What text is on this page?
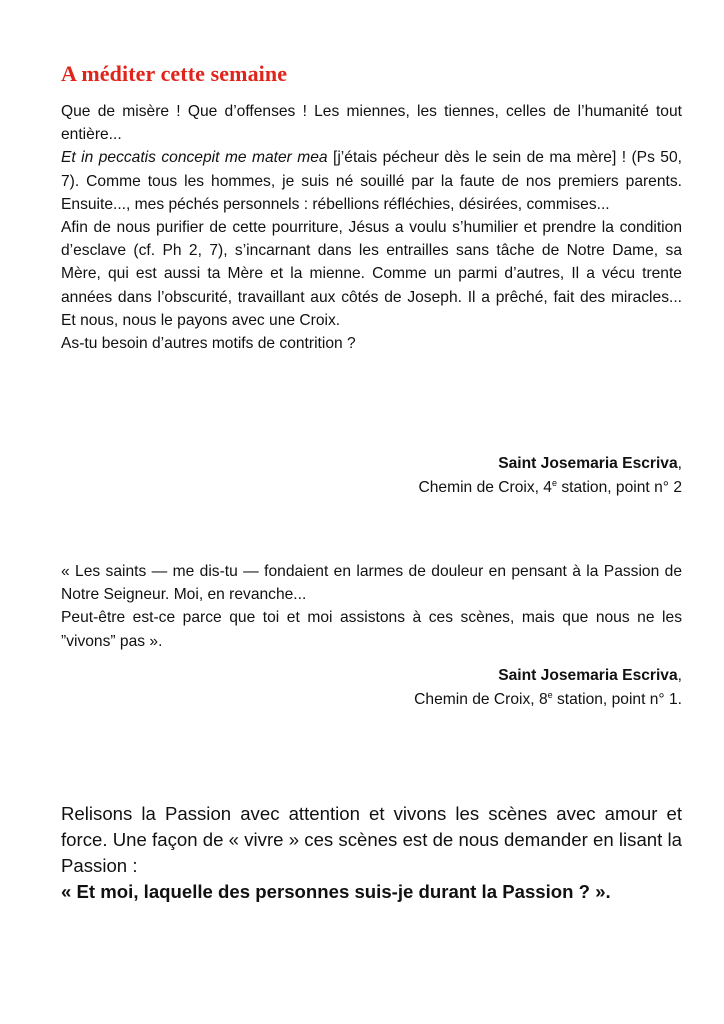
A méditer cette semaine

Que de misère ! Que d’offenses ! Les miennes, les tiennes, celles de l’humanité tout entière...

Et in peccatis concepit me mater mea [j’étais pécheur dès le sein de ma mère] ! (Ps 50, 7). Comme tous les hommes, je suis né souillé par la faute de nos premiers parents. Ensuite..., mes péchés personnels : rébellions réfléchies, désirées, commises...

Afin de nous purifier de cette pourriture, Jésus a voulu s’humilier et prendre la condition d’esclave (cf. Ph 2, 7), s’incarnant dans les entrailles sans tâche de Notre Dame, sa Mère, qui est aussi ta Mère et la mienne. Comme un parmi d’autres, Il a vécu trente années dans l’obscurité, travaillant aux côtés de Joseph. Il a prêché, fait des miracles... Et nous, nous le payons avec une Croix.

As-tu besoin d’autres motifs de contrition ?

Saint Josemaria Escriva,
Chemin de Croix, 4e station, point n° 2

« Les saints — me dis-tu — fondaient en larmes de douleur en pensant à la Passion de Notre Seigneur. Moi, en revanche...

Peut-être est-ce parce que toi et moi assistons à ces scènes, mais que nous ne les ”vivons” pas ».

Saint Josemaria Escriva,
Chemin de Croix, 8e station, point n° 1.

Relisons la Passion avec attention et vivons les scènes avec amour et force. Une façon de « vivre » ces scènes est de nous demander en lisant la Passion :

« Et moi, laquelle des personnes suis-je durant la Passion ? ».
